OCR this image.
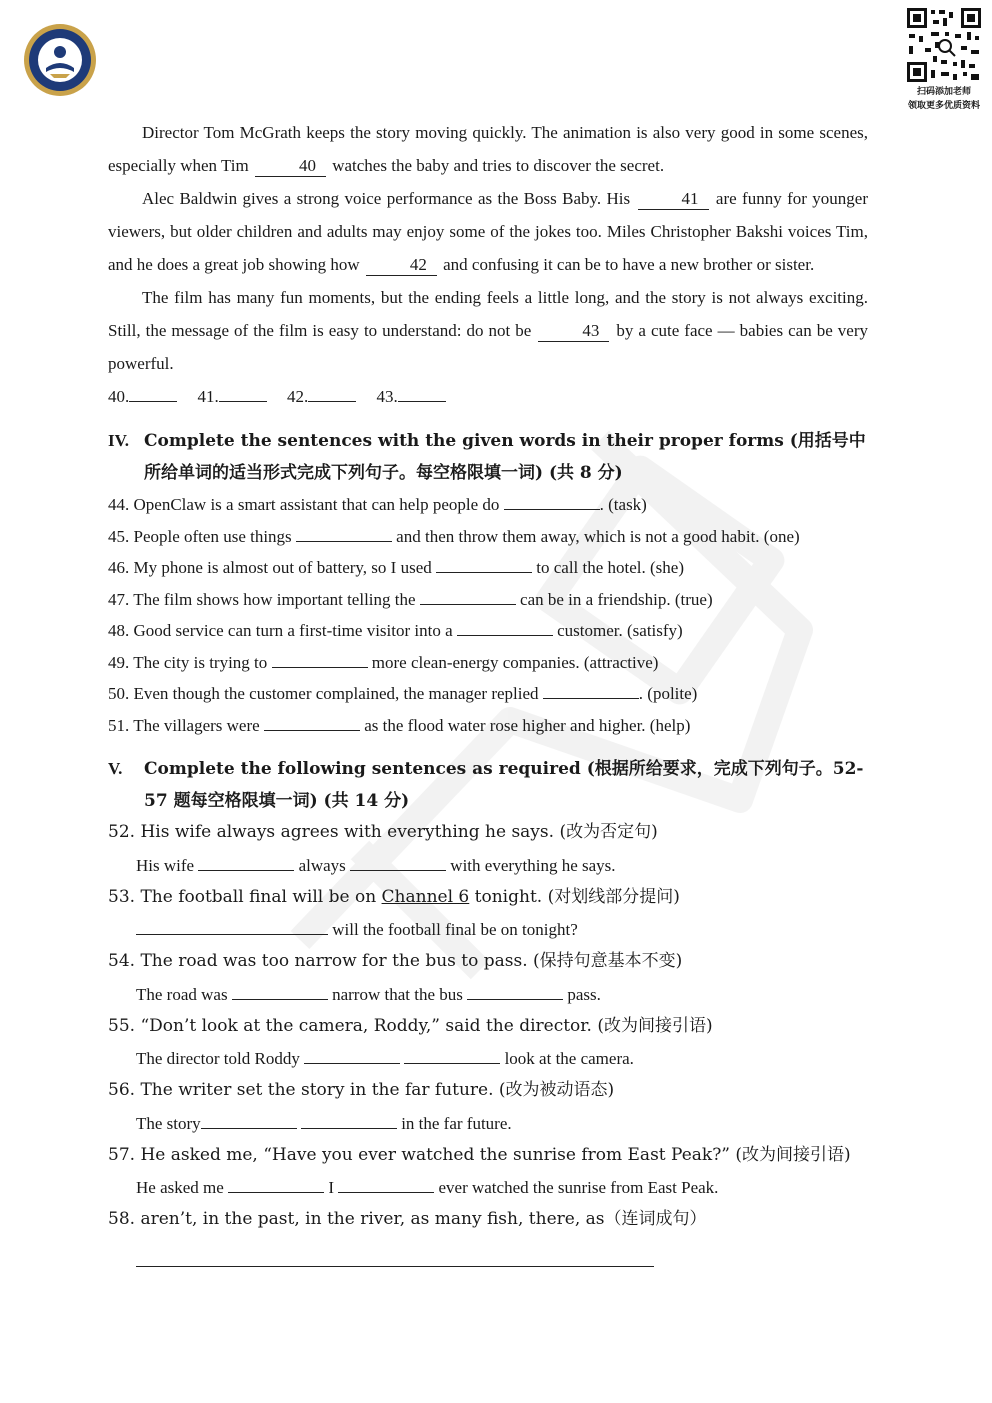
扫码添加老师
领取更多优质资料

Director Tom McGrath keeps the story moving quickly. The animation is also very good in some scenes, especially when Tim	40 watches the baby and tries to discover the secret.

Alec Baldwin gives a strong voice performance as the Boss Baby. His	41 are funny for younger viewers, but older children and adults may enjoy some of the jokes too. Miles Christopher Bakshi voices Tim, and he does a great job showing how	42 and confusing it can be to have a new brother or sister.

The film has many fun moments, but the ending feels a little long, and the story is not always exciting. Still, the message of the film is easy to understand: do not be	43 by a cute face — babies can be very powerful.

40.	41.	42.	43.
IV. Complete the sentences with the given words in their proper forms (用括号中所给单词的适当形式完成下列句子。每空格限填一词) (共 8 分)
44. OpenClaw is a smart assistant that can help people do	. (task)
45. People often use things	and then throw them away, which is not a good habit. (one)
46. My phone is almost out of battery, so I used	to call the hotel. (she)
47. The film shows how important telling the	can be in a friendship. (true)
48. Good service can turn a first-time visitor into a	customer. (satisfy)
49. The city is trying to	more clean-energy companies. (attractive)
50. Even though the customer complained, the manager replied	. (polite)
51. The villagers were	as the flood water rose higher and higher. (help)
V. Complete the following sentences as required (根据所给要求，完成下列句子。52-57 题每空格限填一词) (共 14 分)
52. His wife always agrees with everything he says. (改为否定句)
His wife	always	with everything he says.
53. The football final will be on Channel 6 tonight. (对划线部分提问)
will the football final be on tonight?
54. The road was too narrow for the bus to pass. (保持句意基本不变)
The road was	narrow that the bus	pass.
55. “Don’t look at the camera, Roddy,” said the director. (改为间接引语)
The director told Roddy	look at the camera.
56. The writer set the story in the far future. (改为被动语态)
The story	in the far future.
57. He asked me, “Have you ever watched the sunrise from East Peak?” (改为间接引语)
He asked me	I	ever watched the sunrise from East Peak.
58. aren’t, in the past, in the river, as many fish, there, as（连词成句）
